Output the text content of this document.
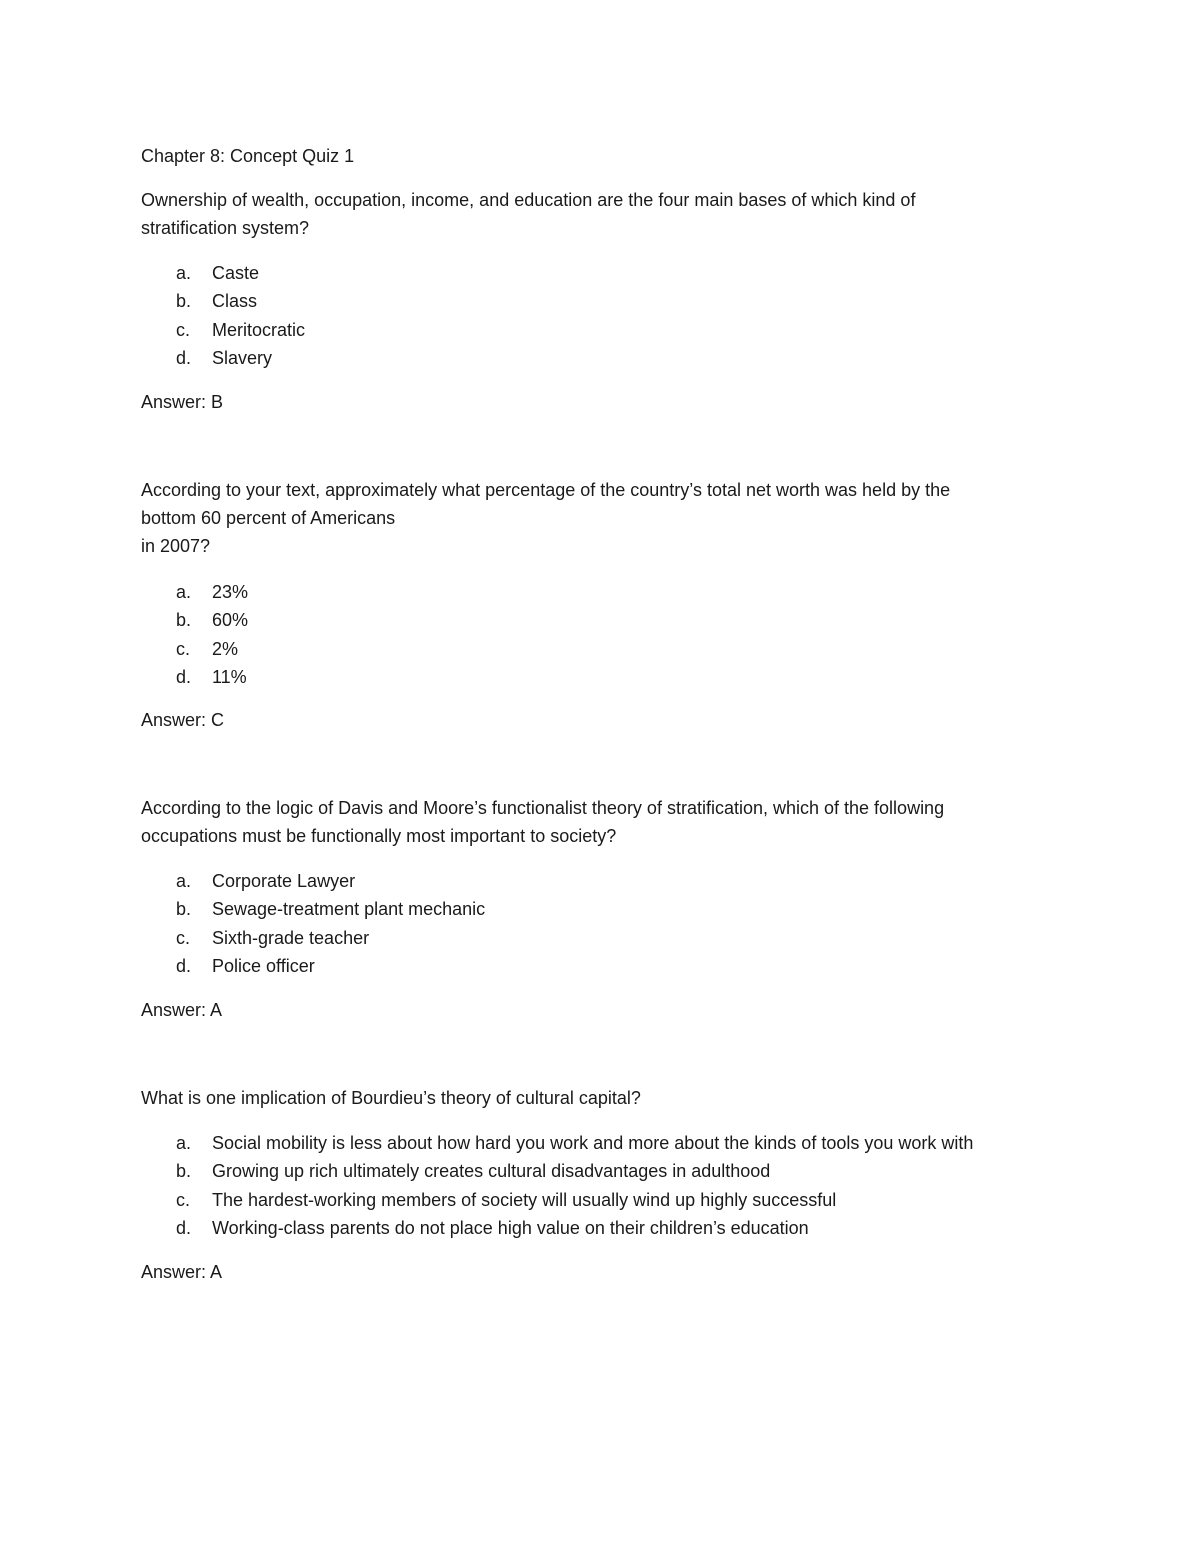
Chapter 8: Concept Quiz 1

Ownership of wealth, occupation, income, and education are the four main bases of which kind of
stratification system?

a. Caste
b. Class
c. Meritocratic
d. Slavery

Answer: B

According to your text, approximately what percentage of the country’s total net worth was held by the
bottom 60 percent of Americans
in 2007?

a. 23%
b. 60%
c. 2%
d. 11%

Answer: C

According to the logic of Davis and Moore’s functionalist theory of stratification, which of the following
occupations must be functionally most important to society?

a. Corporate Lawyer
b. Sewage-treatment plant mechanic
c. Sixth-grade teacher
d. Police officer

Answer: A

What is one implication of Bourdieu’s theory of cultural capital?

a. Social mobility is less about how hard you work and more about the kinds of tools you work with
b. Growing up rich ultimately creates cultural disadvantages in adulthood
c. The hardest-working members of society will usually wind up highly successful
d. Working-class parents do not place high value on their children’s education

Answer: A
